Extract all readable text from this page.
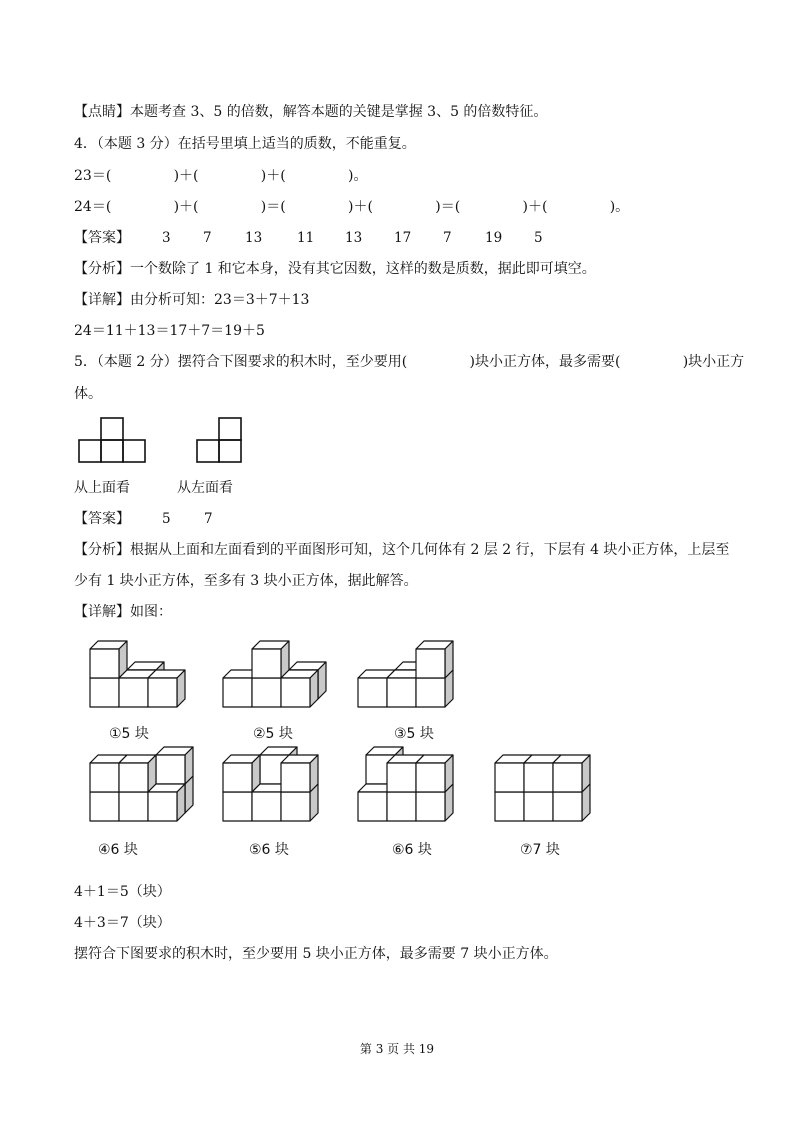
【点睛】本题考查 3、5 的倍数，解答本题的关键是掌握 3、5 的倍数特征。
4．（本题 3 分）在括号里填上适当的质数，不能重复。
23＝(              )＋(              )＋(              )。
24＝(              )＋(              )＝(              )＋(              )＝(              )＋(              )。
【答案】 3 7 13	11 13 17 7 19 5
【分析】一个数除了 1 和它本身，没有其它因数，这样的数是质数，据此即可填空。
【详解】由分析可知：23＝3＋7＋13
24＝11＋13＝17＋7＝19＋5
5．（本题 2 分）摆符合下图要求的积木时，至少要用(              )块小正方体，最多需要(              )块小正方
体。
从上面看	从左面看
【答案】 5 7
【分析】根据从上面和左面看到的平面图形可知，这个几何体有 2 层 2 行，下层有 4 块小正方体，上层至
少有 1 块小正方体，至多有 3 块小正方体，据此解答。
【详解】如图：
①5 块	②5 块	③5 块
④6 块	⑤6 块	⑥6 块	⑦7 块
4＋1＝5（块）
4＋3＝7（块）
摆符合下图要求的积木时，至少要用 5 块小正方体，最多需要 7 块小正方体。
第 3 页 共 19
